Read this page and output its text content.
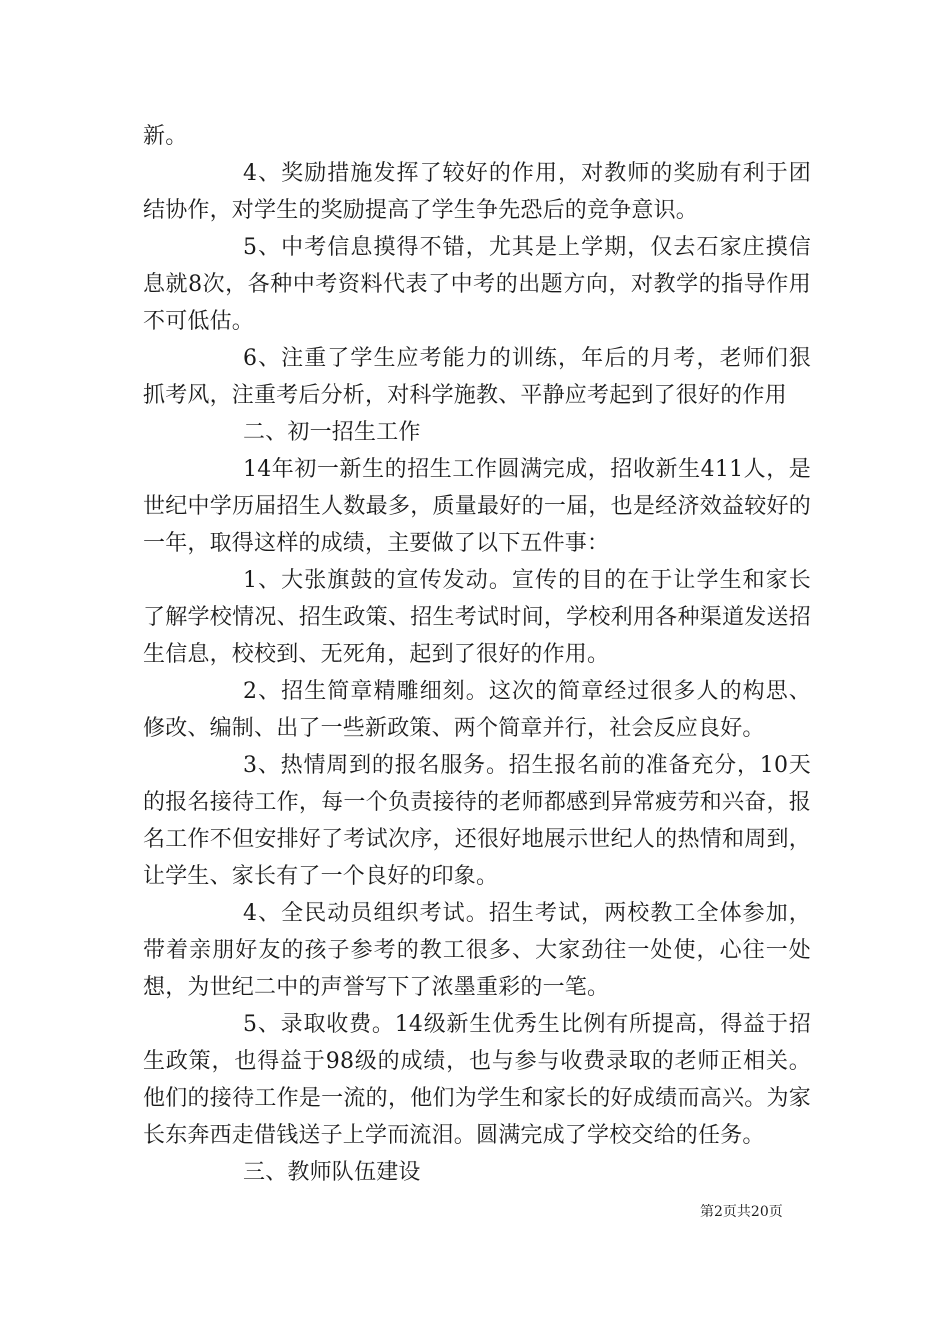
新。

4、奖励措施发挥了较好的作用，对教师的奖励有利于团结协作，对学生的奖励提高了学生争先恐后的竞争意识。

5、中考信息摸得不错，尤其是上学期，仅去石家庄摸信息就8次，各种中考资料代表了中考的出题方向，对教学的指导作用不可低估。

6、注重了学生应考能力的训练，年后的月考，老师们狠抓考风，注重考后分析，对科学施教、平静应考起到了很好的作用

二、初一招生工作

14年初一新生的招生工作圆满完成，招收新生411人，是世纪中学历届招生人数最多，质量最好的一届，也是经济效益较好的一年，取得这样的成绩，主要做了以下五件事：

1、大张旗鼓的宣传发动。宣传的目的在于让学生和家长了解学校情况、招生政策、招生考试时间，学校利用各种渠道发送招生信息，校校到、无死角，起到了很好的作用。

2、招生简章精雕细刻。这次的简章经过很多人的构思、修改、编制、出了一些新政策、两个简章并行，社会反应良好。

3、热情周到的报名服务。招生报名前的准备充分，10天的报名接待工作，每一个负责接待的老师都感到异常疲劳和兴奋，报名工作不但安排好了考试次序，还很好地展示世纪人的热情和周到，让学生、家长有了一个良好的印象。

4、全民动员组织考试。招生考试，两校教工全体参加，带着亲朋好友的孩子参考的教工很多、大家劲往一处使，心往一处想，为世纪二中的声誉写下了浓墨重彩的一笔。

5、录取收费。14级新生优秀生比例有所提高，得益于招生政策，也得益于98级的成绩，也与参与收费录取的老师正相关。他们的接待工作是一流的，他们为学生和家长的好成绩而高兴。为家长东奔西走借钱送子上学而流泪。圆满完成了学校交给的任务。

三、教师队伍建设

第2页共20页
